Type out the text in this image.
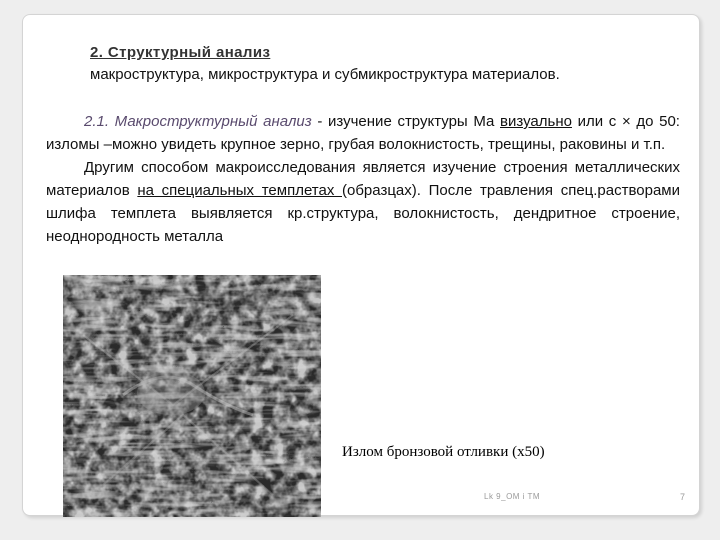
2. Структурный анализ
макроструктура, микроструктура и субмикроструктура материалов.

2.1. Макроструктурный анализ - изучение структуры Ма визуально или с × до 50: изломы –можно увидеть крупное зерно, грубая волокнистость, трещины, раковины и т.п.

Другим способом макроисследования является изучение строения металлических материалов на специальных темплетах (образцах). После травления спец.растворами шлифа темплета выявляется кр.структура, волокнистость, дендритное строение, неоднородность металла

Излом бронзовой отливки (х50)
Lk 9_OM i TM	7
